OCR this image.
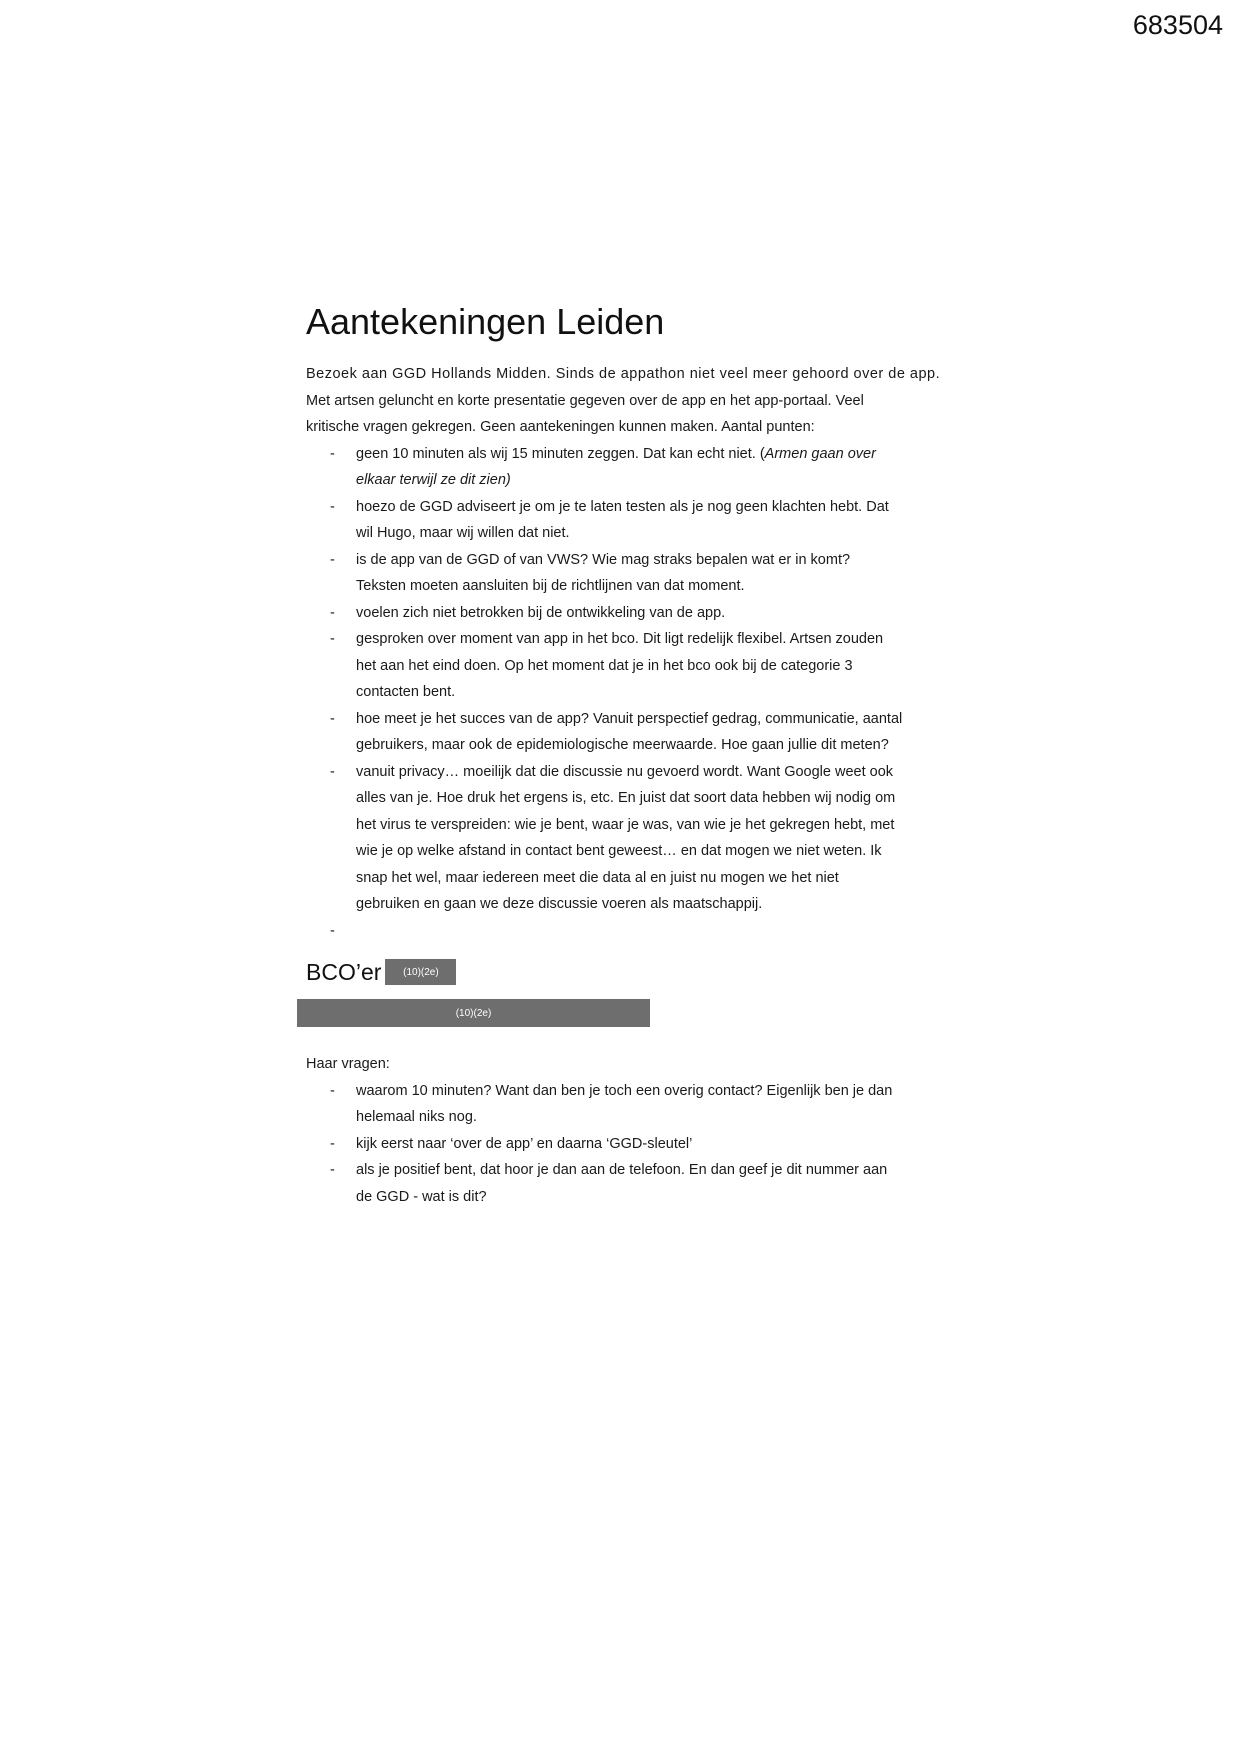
683504
Aantekeningen Leiden

Bezoek aan GGD Hollands Midden. Sinds de appathon niet veel meer gehoord over de app.

Met artsen geluncht en korte presentatie gegeven over de app en het app-portaal. Veel

kritische vragen gekregen. Geen aantekeningen kunnen maken. Aantal punten:

- geen 10 minuten als wij 15 minuten zeggen. Dat kan echt niet. (Armen gaan over
elkaar terwijl ze dit zien)
- hoezo de GGD adviseert je om je te laten testen als je nog geen klachten hebt. Dat
wil Hugo, maar wij willen dat niet.
- is de app van de GGD of van VWS? Wie mag straks bepalen wat er in komt?
Teksten moeten aansluiten bij de richtlijnen van dat moment.
- voelen zich niet betrokken bij de ontwikkeling van de app.
- gesproken over moment van app in het bco. Dit ligt redelijk flexibel. Artsen zouden
het aan het eind doen. Op het moment dat je in het bco ook bij de categorie 3
contacten bent.
- hoe meet je het succes van de app? Vanuit perspectief gedrag, communicatie, aantal
gebruikers, maar ook de epidemiologische meerwaarde. Hoe gaan jullie dit meten?
- vanuit privacy… moeilijk dat die discussie nu gevoerd wordt. Want Google weet ook
alles van je. Hoe druk het ergens is, etc. En juist dat soort data hebben wij nodig om
het virus te verspreiden: wie je bent, waar je was, van wie je het gekregen hebt, met
wie je op welke afstand in contact bent geweest… en dat mogen we niet weten. Ik
snap het wel, maar iedereen meet die data al en juist nu mogen we het niet
gebruiken en gaan we deze discussie voeren als maatschappij.
-

BCO’er	(10)(2e)
(10)(2e)
Haar vragen:
- waarom 10 minuten? Want dan ben je toch een overig contact? Eigenlijk ben je dan
helemaal niks nog.
- kijk eerst naar ‘over de app’ en daarna ‘GGD-sleutel’
- als je positief bent, dat hoor je dan aan de telefoon. En dan geef je dit nummer aan
de GGD - wat is dit?
